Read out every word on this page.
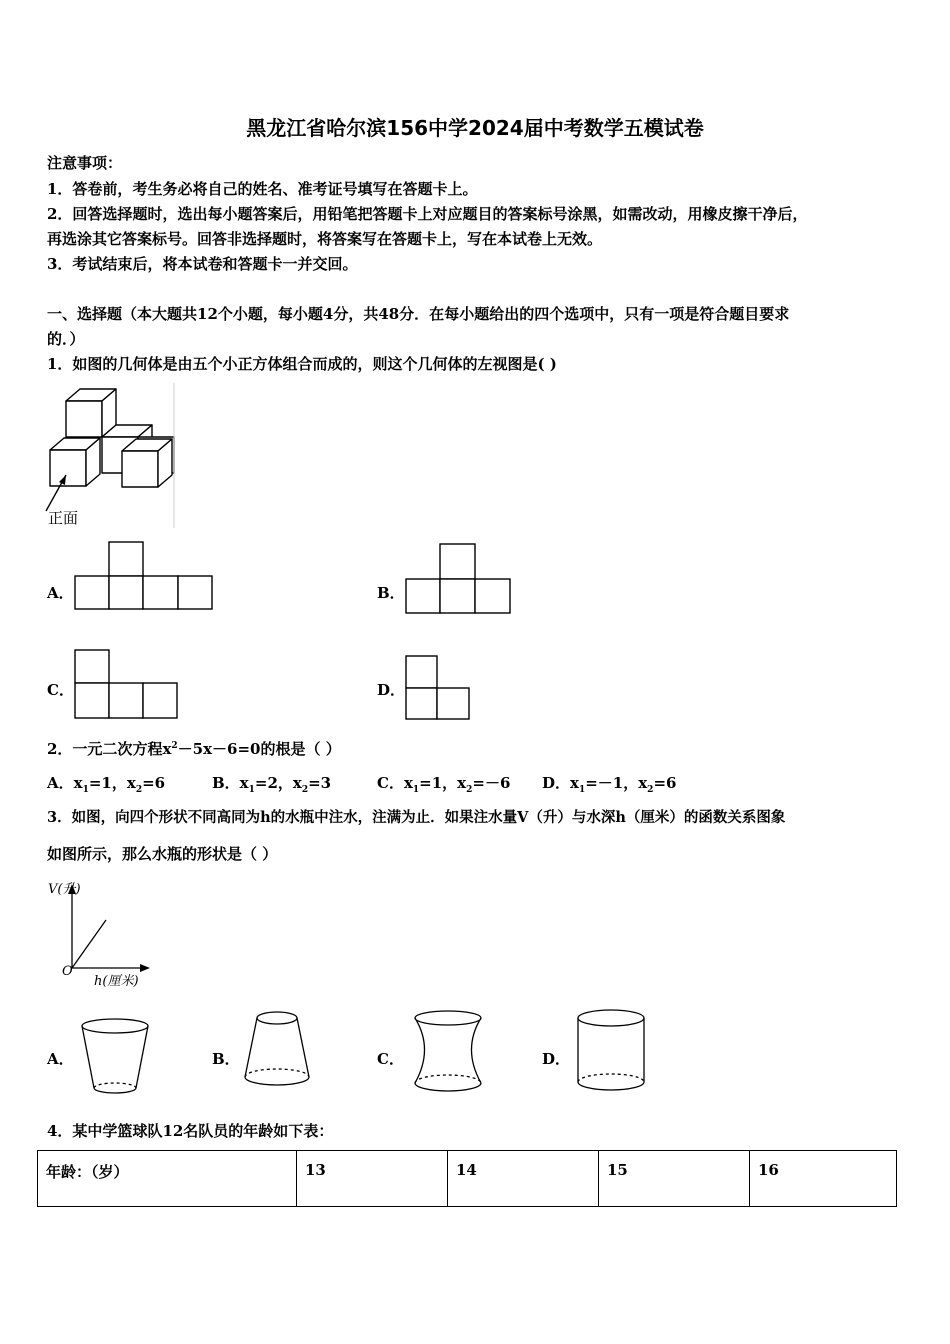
黑龙江省哈尔滨156中学2024届中考数学五模试卷
注意事项：
1．答卷前，考生务必将自己的姓名、准考证号填写在答题卡上。
2．回答选择题时，选出每小题答案后，用铅笔把答题卡上对应题目的答案标号涂黑，如需改动，用橡皮擦干净后，
再选涂其它答案标号。回答非选择题时，将答案写在答题卡上，写在本试卷上无效。
3．考试结束后，将本试卷和答题卡一并交回。
一、选择题（本大题共12个小题，每小题4分，共48分．在每小题给出的四个选项中，只有一项是符合题目要求
的．）
1．如图的几何体是由五个小正方体组合而成的，则这个几何体的左视图是( )
正面
A．	B．
C．	D．
2．一元二次方程$x^2-5x-6=0$的根是（ ）
A．$x_1=1$，$x_2=6$	B．$x_1=2$，$x_2=3$	C．$x_1=1$，$x_2=-6$ D．$x_1=-1$，$x_2=6$
3．如图，向四个形状不同高同为h的水瓶中注水，注满为止．如果注水量V（升）与水深h（厘米）的函数关系图象
如图所示，那么水瓶的形状是（ ）
V(升)
O
h(厘米)
A．	B．	C．	D．
4．某中学篮球队12名队员的年龄如下表：
年龄：（岁）	13	14	15	16
